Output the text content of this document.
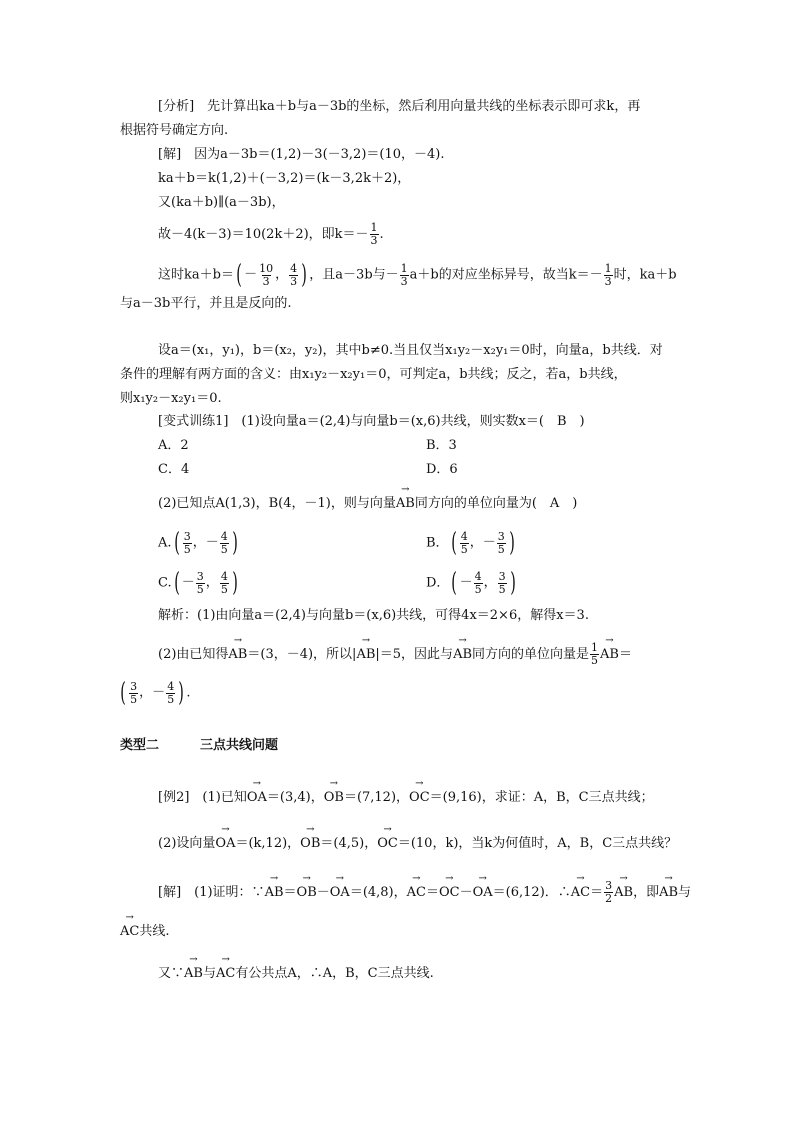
[分析]　先计算出ka＋b与a－3b的坐标，然后利用向量共线的坐标表示即可求k，再
根据符号确定方向.
[解]　因为a－3b＝(1,2)－3(－3,2)＝(10，－4).
ka＋b＝k(1,2)＋(－3,2)＝(k－3,2k＋2)，
又(ka＋b)∥(a－3b)，
故－4(k－3)＝10(2k＋2)，即$k=- \frac{1}{3}$ .
这时ka＋b＝ ( － $\frac{10}{3}$ ， $\frac{4}{3}$ ) ，且a－3b与－ $\frac{1}{3} a+b$的对应坐标异号，故当$k=- \frac{1}{3}$ 时，ka＋b
与a－3b平行，并且是反向的.
设a＝(x₁，y₁)，b＝(x₂，y₂)，其中b≠0.当且仅当x₁y₂－x₂y₁＝0时，向量a，b共线．对
条件的理解有两方面的含义：由x₁y₂－x₂y₁＝0，可判定a，b共线；反之，若a，b共线，
则x₁y₂－x₂y₁＝0.
[变式训练1]　(1)设向量a＝(2,4)与向量b＝(x,6)共线，则实数x＝(　B　)
A．2	B．3
C．4	D．6
(2)已知点A(1,3)，B(4，－1)，则与向量→ AB同方向的单位向量为(　A　)
A. ( $\frac{3}{5}$ ， － $\frac{4}{5}$ )	B． ( $\frac{4}{5}$ ， － $\frac{3}{5}$ )
C. ( － $\frac{3}{5}$ ， $\frac{4}{5}$ )	D． ( － $\frac{4}{5}$ ， $\frac{3}{5}$ )
解析：(1)由向量a＝(2,4)与向量b＝(x,6)共线，可得4x＝2×6，解得x＝3.
(2)由已知得→ AB＝(3，－4)，所以|→ AB|＝5，因此与→ AB同方向的单位向量是 $\frac{1}{5}$
→ AB＝
( $\frac{3}{5}$ ， － $\frac{4}{5}$ ) .
类型二	三点共线问题
[例2]　(1)已知→ OA＝(3,4)，→ OB＝(7,12)，→ OC＝(9,16)，求证：A，B，C三点共线；
(2)设向量→ OA＝(k,12)，→ OB＝(4,5)，→ OC＝(10，k)，当k为何值时，A，B，C三点共线？
[解]　(1)证明：∵→ AB＝→ OB－→ OA＝(4,8)，→ AC＝→ OC－→ OA＝(6,12)．∴→ $AC= \frac{3}{2}$
→ AB，即→ AB与
→ AC共线.
又∵→ AB与→ AC有公共点A，∴A，B，C三点共线.
